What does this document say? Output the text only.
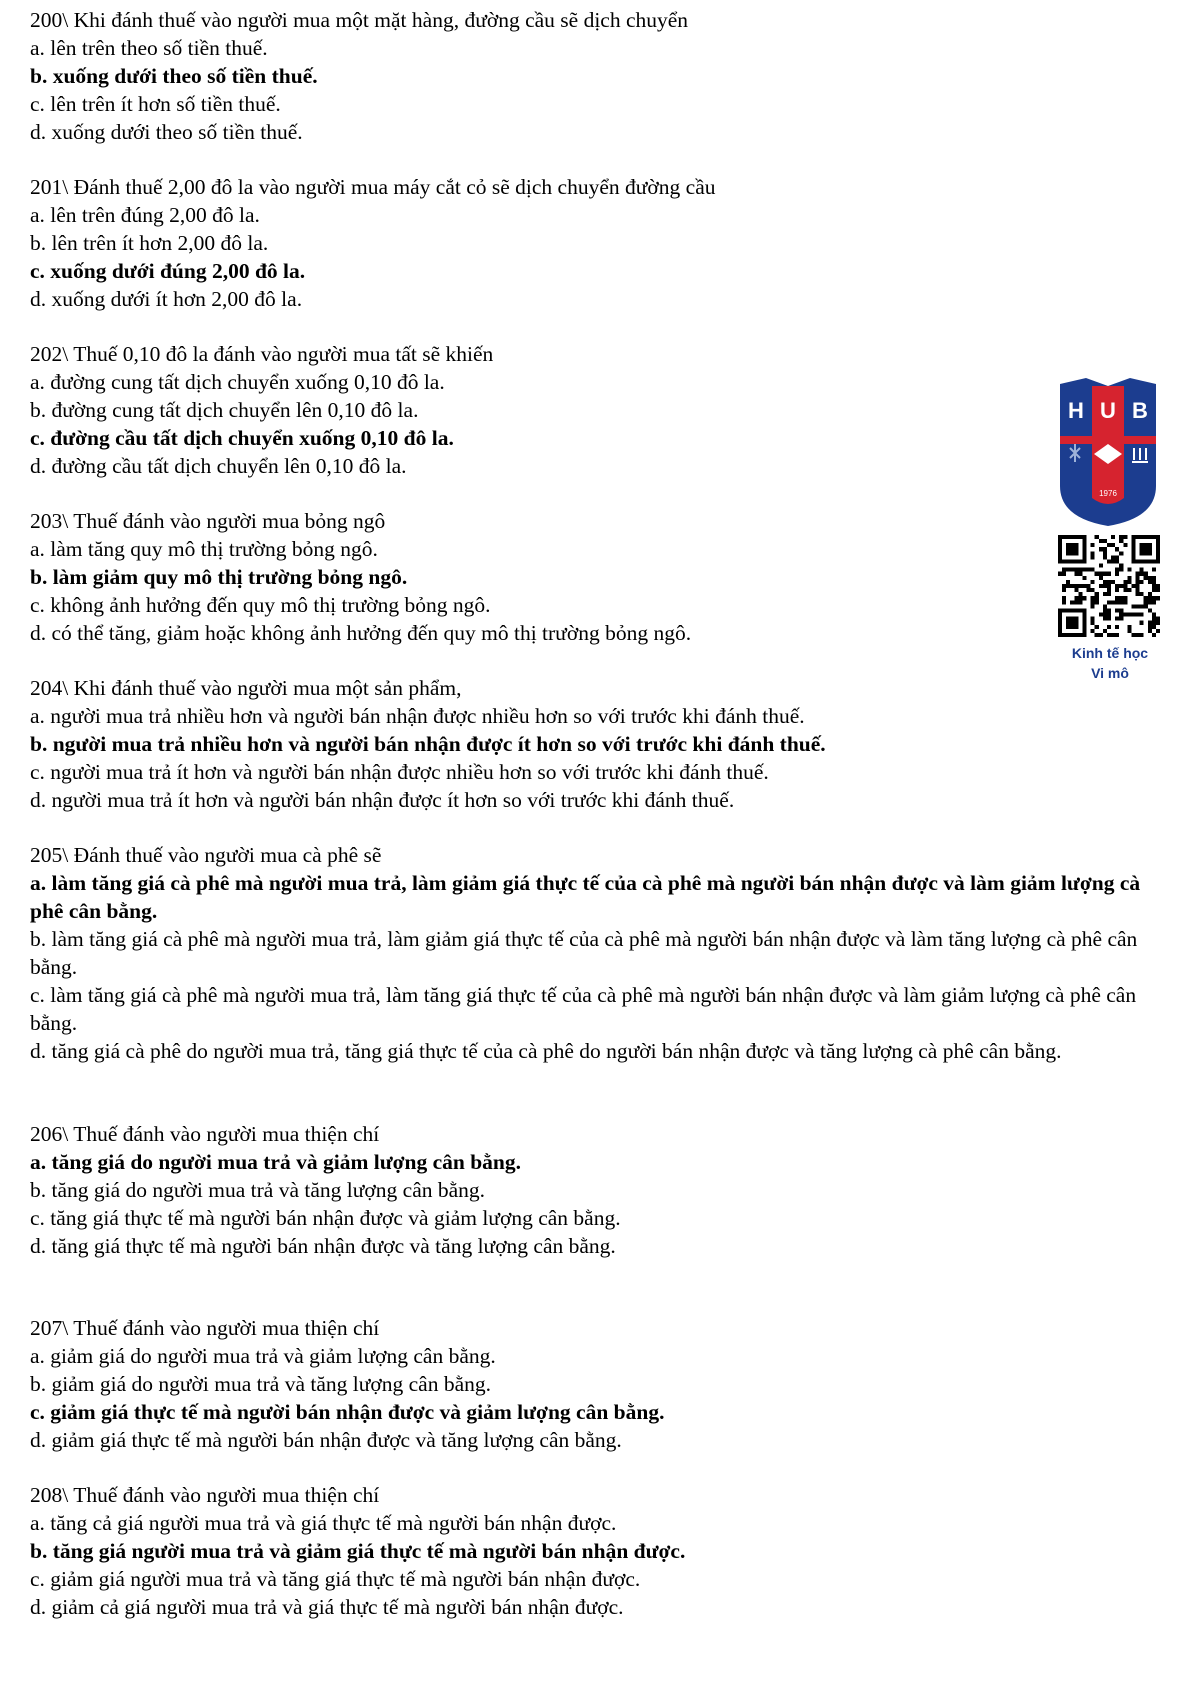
200\ Khi đánh thuế vào người mua một mặt hàng, đường cầu sẽ dịch chuyển
a. lên trên theo số tiền thuế.
b. xuống dưới theo số tiền thuế.
c. lên trên ít hơn số tiền thuế.
d. xuống dưới theo số tiền thuế.
201\ Đánh thuế 2,00 đô la vào người mua máy cắt cỏ sẽ dịch chuyển đường cầu
a. lên trên đúng 2,00 đô la.
b. lên trên ít hơn 2,00 đô la.
c. xuống dưới đúng 2,00 đô la.
d. xuống dưới ít hơn 2,00 đô la.
202\ Thuế 0,10 đô la đánh vào người mua tất sẽ khiến
a. đường cung tất dịch chuyển xuống 0,10 đô la.
b. đường cung tất dịch chuyển lên 0,10 đô la.
c. đường cầu tất dịch chuyển xuống 0,10 đô la.
d. đường cầu tất dịch chuyển lên 0,10 đô la.
203\ Thuế đánh vào người mua bỏng ngô
a. làm tăng quy mô thị trường bỏng ngô.
b. làm giảm quy mô thị trường bỏng ngô.
c. không ảnh hưởng đến quy mô thị trường bỏng ngô.
d. có thể tăng, giảm hoặc không ảnh hưởng đến quy mô thị trường bỏng ngô.
204\ Khi đánh thuế vào người mua một sản phẩm,
a. người mua trả nhiều hơn và người bán nhận được nhiều hơn so với trước khi đánh thuế.
b. người mua trả nhiều hơn và người bán nhận được ít hơn so với trước khi đánh thuế.
c. người mua trả ít hơn và người bán nhận được nhiều hơn so với trước khi đánh thuế.
d. người mua trả ít hơn và người bán nhận được ít hơn so với trước khi đánh thuế.
205\ Đánh thuế vào người mua cà phê sẽ
a. làm tăng giá cà phê mà người mua trả, làm giảm giá thực tế của cà phê mà người bán nhận được và làm giảm lượng cà phê cân bằng.
b. làm tăng giá cà phê mà người mua trả, làm giảm giá thực tế của cà phê mà người bán nhận được và làm tăng lượng cà phê cân bằng.
c. làm tăng giá cà phê mà người mua trả, làm tăng giá thực tế của cà phê mà người bán nhận được và làm giảm lượng cà phê cân bằng.
d. tăng giá cà phê do người mua trả, tăng giá thực tế của cà phê do người bán nhận được và tăng lượng cà phê cân bằng.
206\ Thuế đánh vào người mua thiện chí
a. tăng giá do người mua trả và giảm lượng cân bằng.
b. tăng giá do người mua trả và tăng lượng cân bằng.
c. tăng giá thực tế mà người bán nhận được và giảm lượng cân bằng.
d. tăng giá thực tế mà người bán nhận được và tăng lượng cân bằng.
207\ Thuế đánh vào người mua thiện chí
a. giảm giá do người mua trả và giảm lượng cân bằng.
b. giảm giá do người mua trả và tăng lượng cân bằng.
c. giảm giá thực tế mà người bán nhận được và giảm lượng cân bằng.
d. giảm giá thực tế mà người bán nhận được và tăng lượng cân bằng.
208\ Thuế đánh vào người mua thiện chí
a. tăng cả giá người mua trả và giá thực tế mà người bán nhận được.
b. tăng giá người mua trả và giảm giá thực tế mà người bán nhận được.
c. giảm giá người mua trả và tăng giá thực tế mà người bán nhận được.
d. giảm cả giá người mua trả và giá thực tế mà người bán nhận được.
H U B
1976
Kinh tế học
Vi mô
